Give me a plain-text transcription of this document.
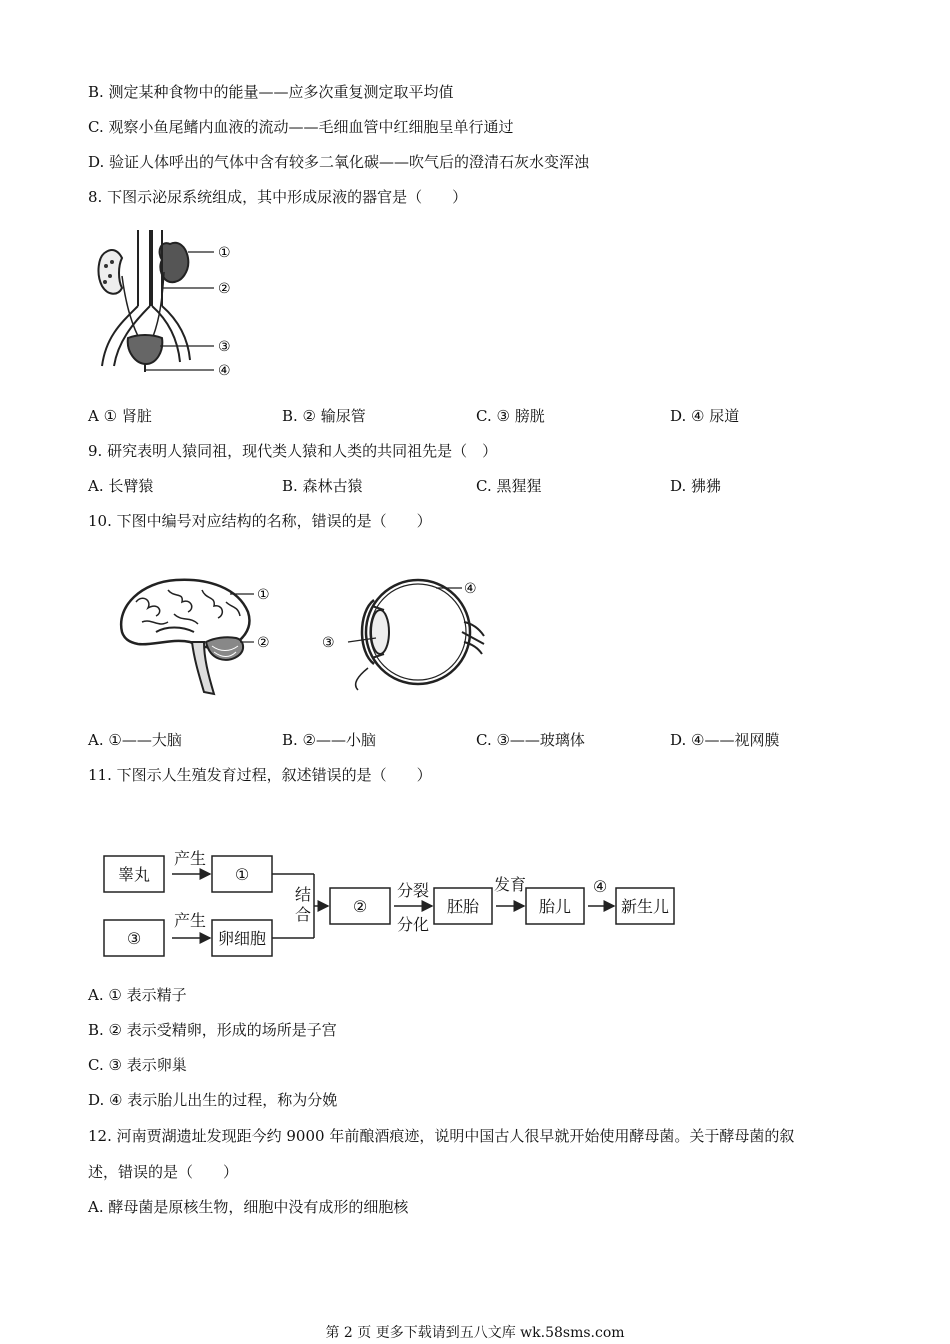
B. 测定某种食物中的能量——应多次重复测定取平均值
C. 观察小鱼尾鳍内血液的流动——毛细血管中红细胞呈单行通过
D. 验证人体呼出的气体中含有较多二氧化碳——吹气后的澄清石灰水变浑浊
8. 下图示泌尿系统组成，其中形成尿液的器官是（　　）
①
②
③
④
A ① 肾脏	B. ② 输尿管	C. ③ 膀胱	D. ④ 尿道
9. 研究表明人猿同祖，现代类人猿和人类的共同祖先是（　）
A. 长臂猿	B. 森林古猿	C. 黑猩猩	D. 狒狒
10. 下图中编号对应结构的名称，错误的是（　　）
①
②
④
③
A. ①——大脑	B. ②——小脑	C. ③——玻璃体	D. ④——视网膜
11. 下图示人生殖发育过程，叙述错误的是（　　）
睾丸
产生
①
③
产生
卵细胞
结
合	②
分裂
分化
胚胎
发育
胎儿
④
新生儿
A. ① 表示精子
B. ② 表示受精卵，形成的场所是子宫
C. ③ 表示卵巢
D. ④ 表示胎儿出生的过程，称为分娩
12. 河南贾湖遗址发现距今约 9000 年前酿酒痕迹，说明中国古人很早就开始使用酵母菌。关于酵母菌的叙
述，错误的是（　　）
A. 酵母菌是原核生物，细胞中没有成形的细胞核
第 2 页 更多下载请到五八文库 wk.58sms.com
